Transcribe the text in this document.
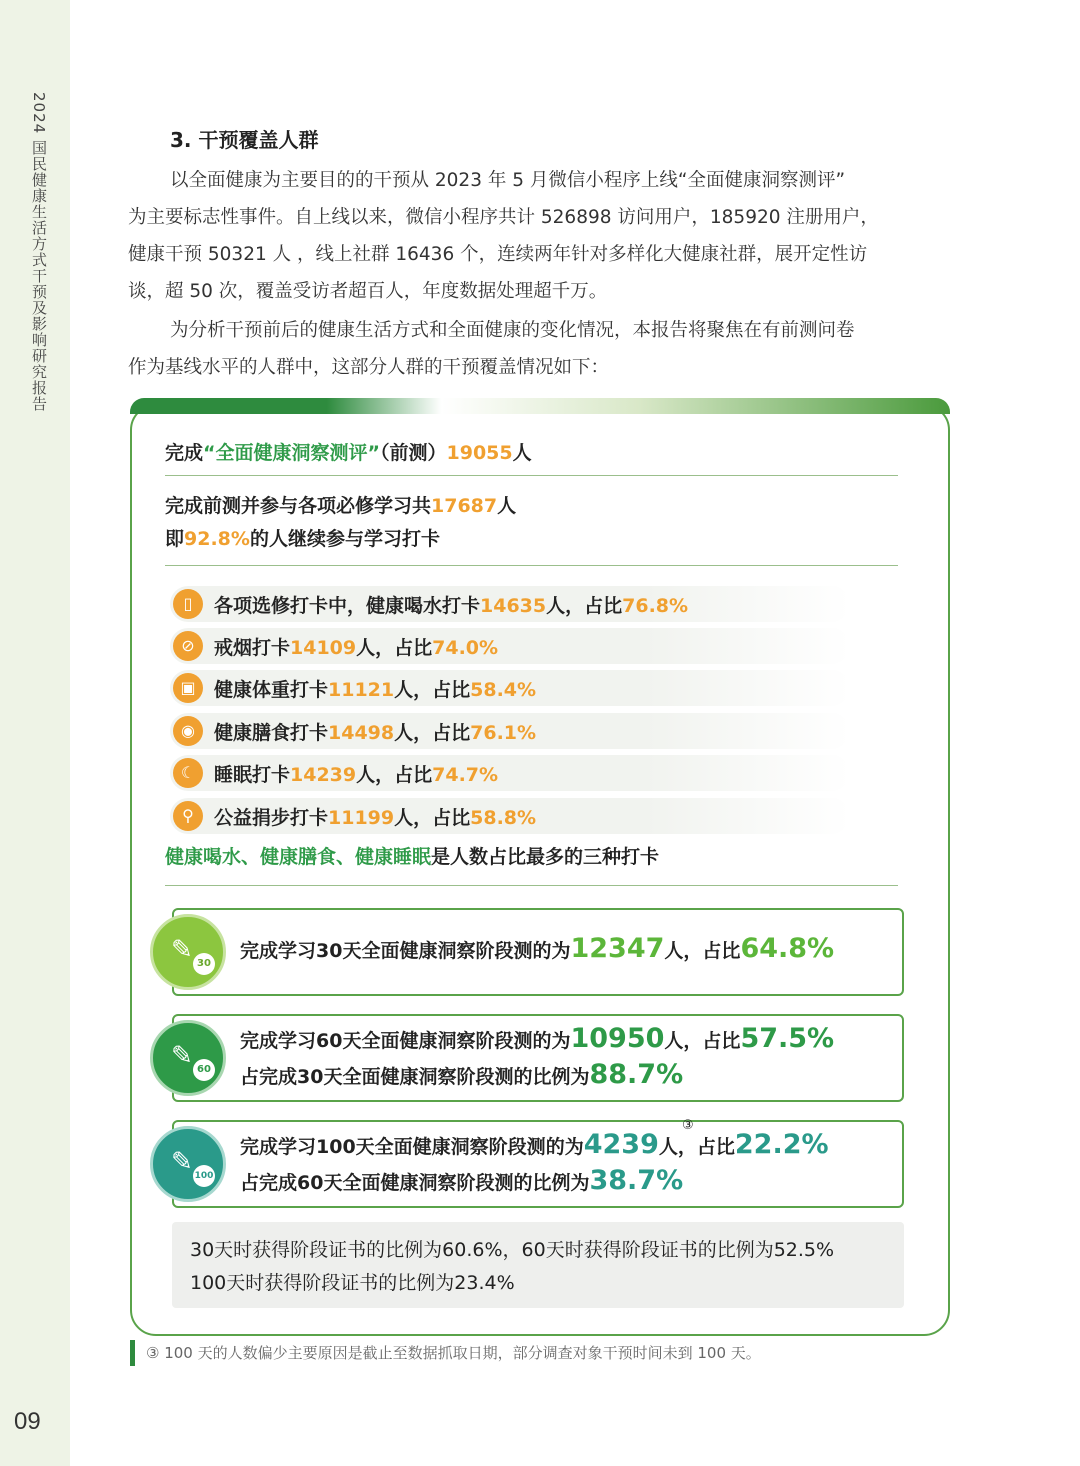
2024 国民健康生活方式干预及影响研究报告
09
3. 干预覆盖人群
以全面健康为主要目的的干预从 2023 年 5 月微信小程序上线“全面健康洞察测评”
为主要标志性事件。自上线以来，微信小程序共计 526898 访问用户，185920 注册用户，
健康干预 50321 人 ，线上社群 16436 个，连续两年针对多样化大健康社群，展开定性访
谈，超 50 次，覆盖受访者超百人，年度数据处理超千万。
为分析干预前后的健康生活方式和全面健康的变化情况，本报告将聚焦在有前测问卷
作为基线水平的人群中，这部分人群的干预覆盖情况如下：
完成“全面健康洞察测评”（前测）19055人
完成前测并参与各项必修学习共17687人
即92.8%的人继续参与学习打卡
▯	各项选修打卡中，健康喝水打卡14635人，占比76.8%
⊘	戒烟打卡14109人，占比74.0%
▣ 健康体重打卡11121人，占比58.4%
◉	健康膳食打卡14498人，占比76.1%
☾ 睡眠打卡14239人，占比74.7%
⚲	公益捐步打卡11199人，占比58.8%
健康喝水、健康膳食、健康睡眠是人数占比最多的三种打卡
完成学习30天全面健康洞察阶段测的为12347人，占比64.8%
✎ 30
完成学习60天全面健康洞察阶段测的为10950人，占比57.5%
占完成30天全面健康洞察阶段测的比例为88.7%
✎ 60
完成学习100天全面健康洞察阶段测的为4239人，占比22.2%
占完成60天全面健康洞察阶段测的比例为38.7%
③
✎ 100
30天时获得阶段证书的比例为60.6%，60天时获得阶段证书的比例为52.5%
100天时获得阶段证书的比例为23.4%
③ 100 天的人数偏少主要原因是截止至数据抓取日期，部分调查对象干预时间未到 100 天。
